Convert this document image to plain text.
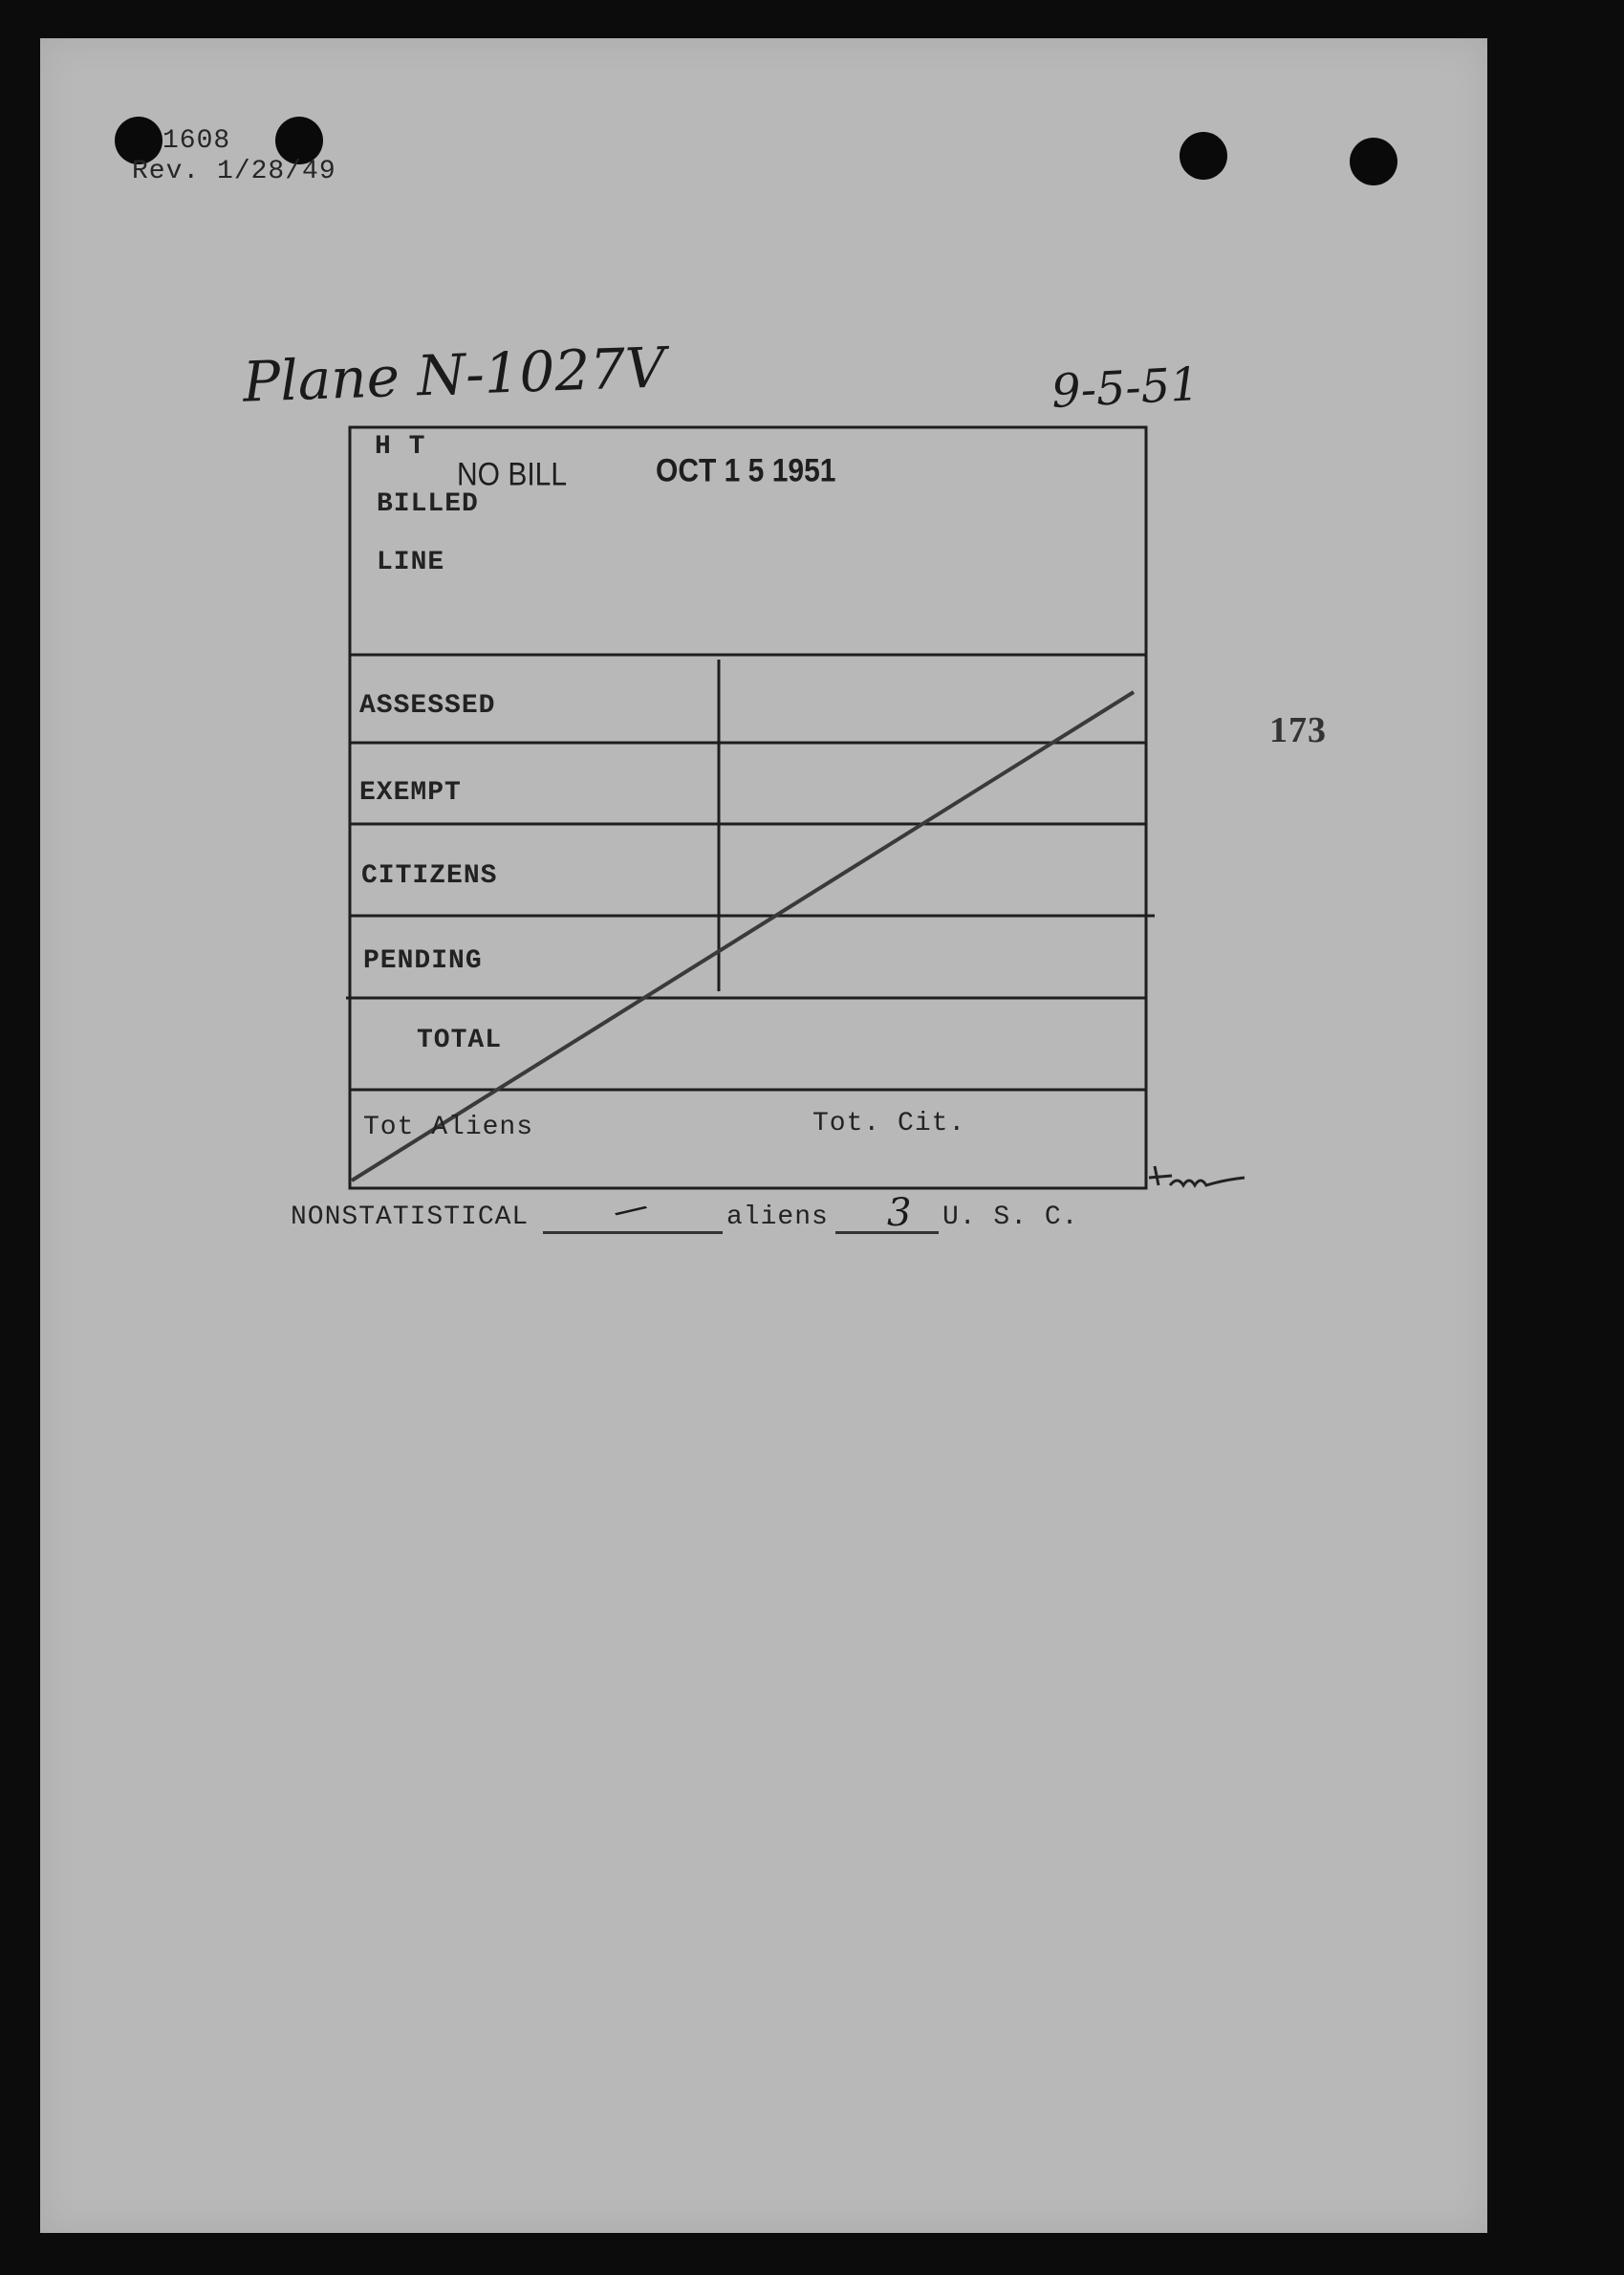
1608
Rev. 1/28/49
Plane N-1027V	9-5-51
173
NO BILL	OCT 1 5 1951
H T
BILLED
LINE
ASSESSED
EXEMPT
CITIZENS
PENDING
TOTAL
Tot Aliens	Tot. Cit.
NONSTATISTICAL /	aliens 3 U. S. C.
